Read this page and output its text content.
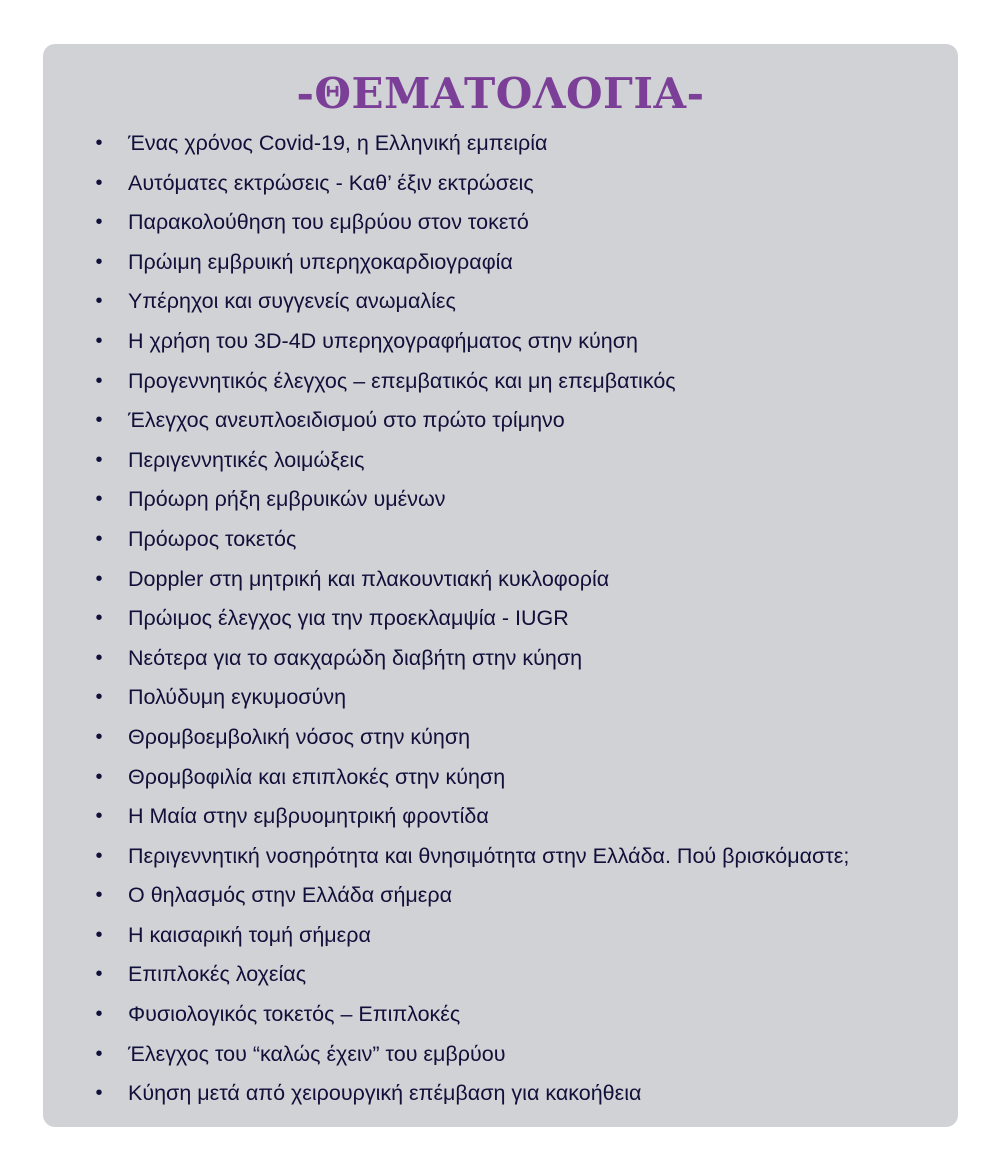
-ΘΕΜΑΤΟΛΟΓΙΑ-
• Ένας χρόνος Covid-19, η Ελληνική εμπειρία
• Αυτόματες εκτρώσεις - Καθ’ έξιν εκτρώσεις
• Παρακολούθηση του εμβρύου στον τοκετό
• Πρώιμη εμβρυική υπερηχοκαρδιογραφία
• Υπέρηχοι και συγγενείς ανωμαλίες
• Η χρήση του 3D-4D υπερηχογραφήματος στην κύηση
• Προγεννητικός έλεγχος – επεμβατικός και μη επεμβατικός
• Έλεγχος ανευπλοειδισμού στο πρώτο τρίμηνο
• Περιγεννητικές λοιμώξεις
• Πρόωρη ρήξη εμβρυικών υμένων
• Πρόωρος τοκετός
• Doppler στη μητρική και πλακουντιακή κυκλοφορία
• Πρώιμος έλεγχος για την προεκλαμψία - IUGR
• Νεότερα για το σακχαρώδη διαβήτη στην κύηση
• Πολύδυμη εγκυμοσύνη
• Θρομβοεμβολική νόσος στην κύηση
• Θρομβοφιλία και επιπλοκές στην κύηση
• Η Μαία στην εμβρυομητρική φροντίδα
• Περιγεννητική νοσηρότητα και θνησιμότητα στην Ελλάδα. Πού βρισκόμαστε;
• Ο θηλασμός στην Ελλάδα σήμερα
• Η καισαρική τομή σήμερα
• Επιπλοκές λοχείας
• Φυσιολογικός τοκετός – Επιπλοκές
• Έλεγχος του “καλώς έχειν” του εμβρύου
• Κύηση μετά από χειρουργική επέμβαση για κακοήθεια
